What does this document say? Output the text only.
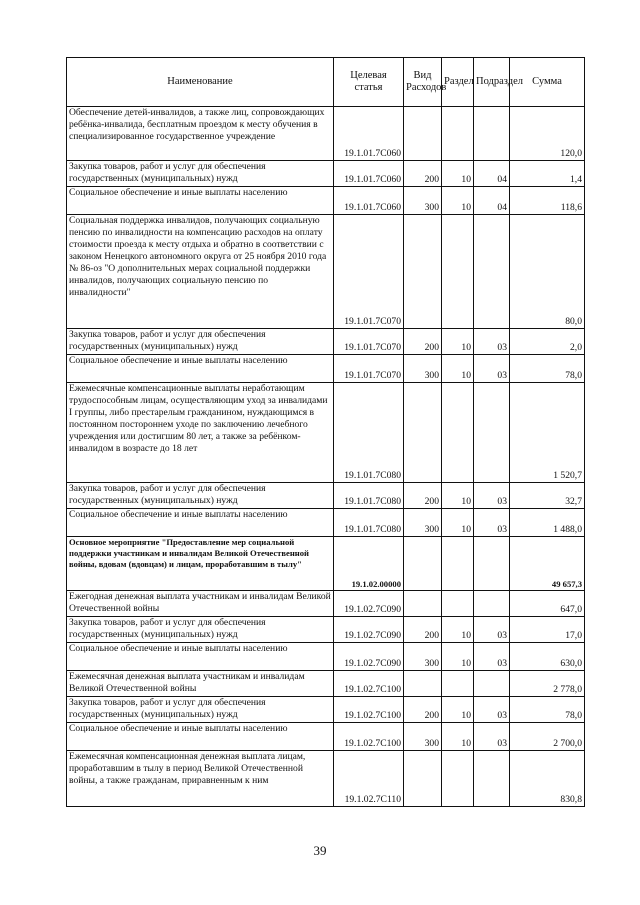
Наименование	Целевая статья	Вид Расходов	Раздел	Подраздел	Сумма
Обеспечение детей-инвалидов, а также лиц, сопровождающих ребёнка-инвалида, бесплатным проездом к месту обучения в специализированное государственное учреждение	19.1.01.7С060				120,0
Закупка товаров, работ и услуг для обеспечения государственных (муниципальных) нужд	19.1.01.7С060	200	10	04	1,4
Социальное обеспечение и иные выплаты населению	19.1.01.7С060	300	10	04	118,6
Социальная поддержка инвалидов, получающих социальную пенсию по инвалидности на компенсацию расходов на оплату стоимости проезда к месту отдыха и обратно в соответствии с законом Ненецкого автономного округа от 25 ноября 2010 года № 86-оз "О дополнительных мерах социальной поддержки инвалидов, получающих социальную пенсию по инвалидности"	19.1.01.7С070				80,0
Закупка товаров, работ и услуг для обеспечения государственных (муниципальных) нужд	19.1.01.7С070	200	10	03	2,0
Социальное обеспечение и иные выплаты населению	19.1.01.7С070	300	10	03	78,0
Ежемесячные компенсационные выплаты неработающим трудоспособным лицам, осуществляющим уход за инвалидами I группы, либо престарелым гражданином, нуждающимся в постоянном постороннем уходе по заключению лечебного учреждения или достигшим 80 лет, а также за ребёнком-инвалидом в возрасте до 18 лет	19.1.01.7С080				1 520,7
Закупка товаров, работ и услуг для обеспечения государственных (муниципальных) нужд	19.1.01.7С080	200	10	03	32,7
Социальное обеспечение и иные выплаты населению	19.1.01.7С080	300	10	03	1 488,0
Основное мероприятие "Предоставление мер социальной поддержки участникам и инвалидам Великой Отечественной войны, вдовам (вдовцам) и лицам, проработавшим в тылу"	19.1.02.00000				49 657,3
Ежегодная денежная выплата участникам и инвалидам Великой Отечественной войны	19.1.02.7С090				647,0
Закупка товаров, работ и услуг для обеспечения государственных (муниципальных) нужд	19.1.02.7С090	200	10	03	17,0
Социальное обеспечение и иные выплаты населению	19.1.02.7С090	300	10	03	630,0
Ежемесячная денежная выплата участникам и инвалидам Великой Отечественной войны	19.1.02.7С100				2 778,0
Закупка товаров, работ и услуг для обеспечения государственных (муниципальных) нужд	19.1.02.7С100	200	10	03	78,0
Социальное обеспечение и иные выплаты населению	19.1.02.7С100	300	10	03	2 700,0
Ежемесячная компенсационная денежная выплата лицам, проработавшим в тылу в период Великой Отечественной войны, а также гражданам, приравненным к ним	19.1.02.7С110				830,8
39
